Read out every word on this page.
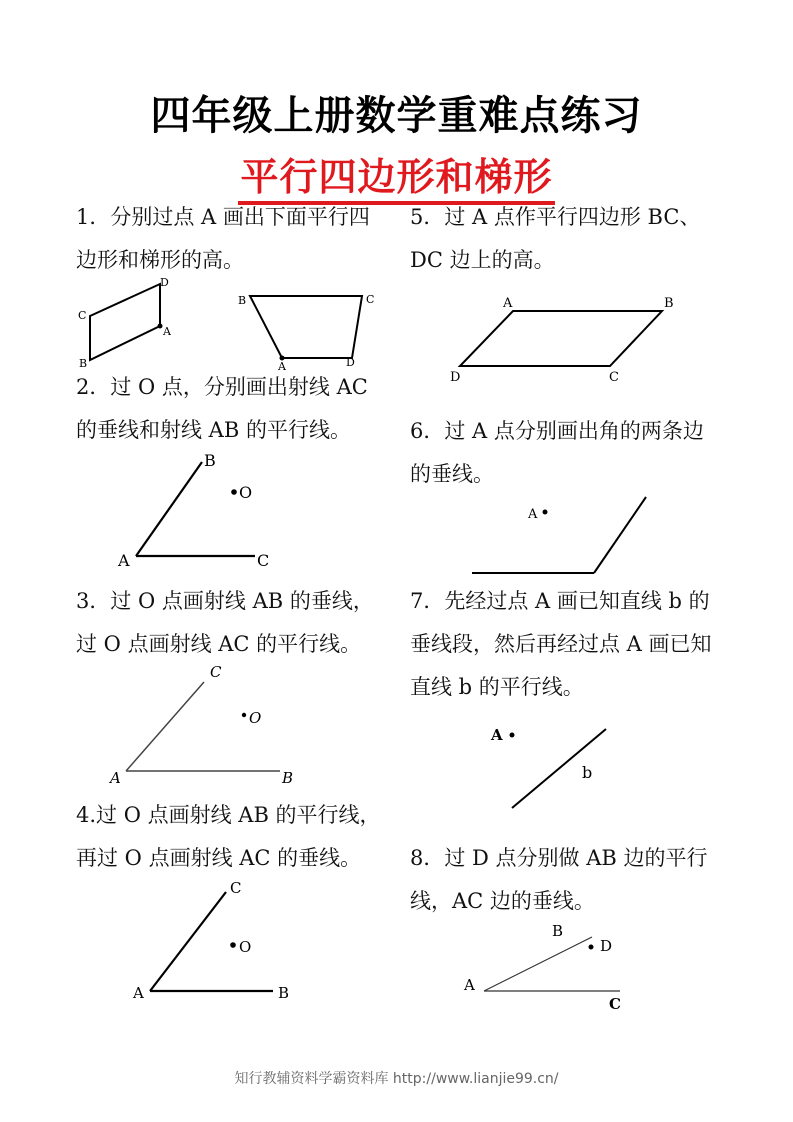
四年级上册数学重难点练习
平行四边形和梯形
1．分别过点 A 画出下面平行四边形和梯形的高。
C
D
A
B
B	C
A	D
2．过 O 点，分别画出射线 AC 的垂线和射线 AB 的平行线。
B
O
A	C
3．过 O 点画射线 AB 的垂线，过 O 点画射线 AC 的平行线。
C
O
A	B
4.过 O 点画射线 AB 的平行线，再过 O 点画射线 AC 的垂线。
C
O
A	B
5．过 A 点作平行四边形 BC、DC 边上的高。
A	B
D	C
6．过 A 点分别画出角的两条边的垂线。
A
7．先经过点 A 画已知直线 b 的垂线段，然后再经过点 A 画已知直线 b 的平行线。
A
b
8．过 D 点分别做 AB 边的平行线，AC 边的垂线。
B
D
A
C
知行教辅资料学霸资料库 http://www.lianjie99.cn/
